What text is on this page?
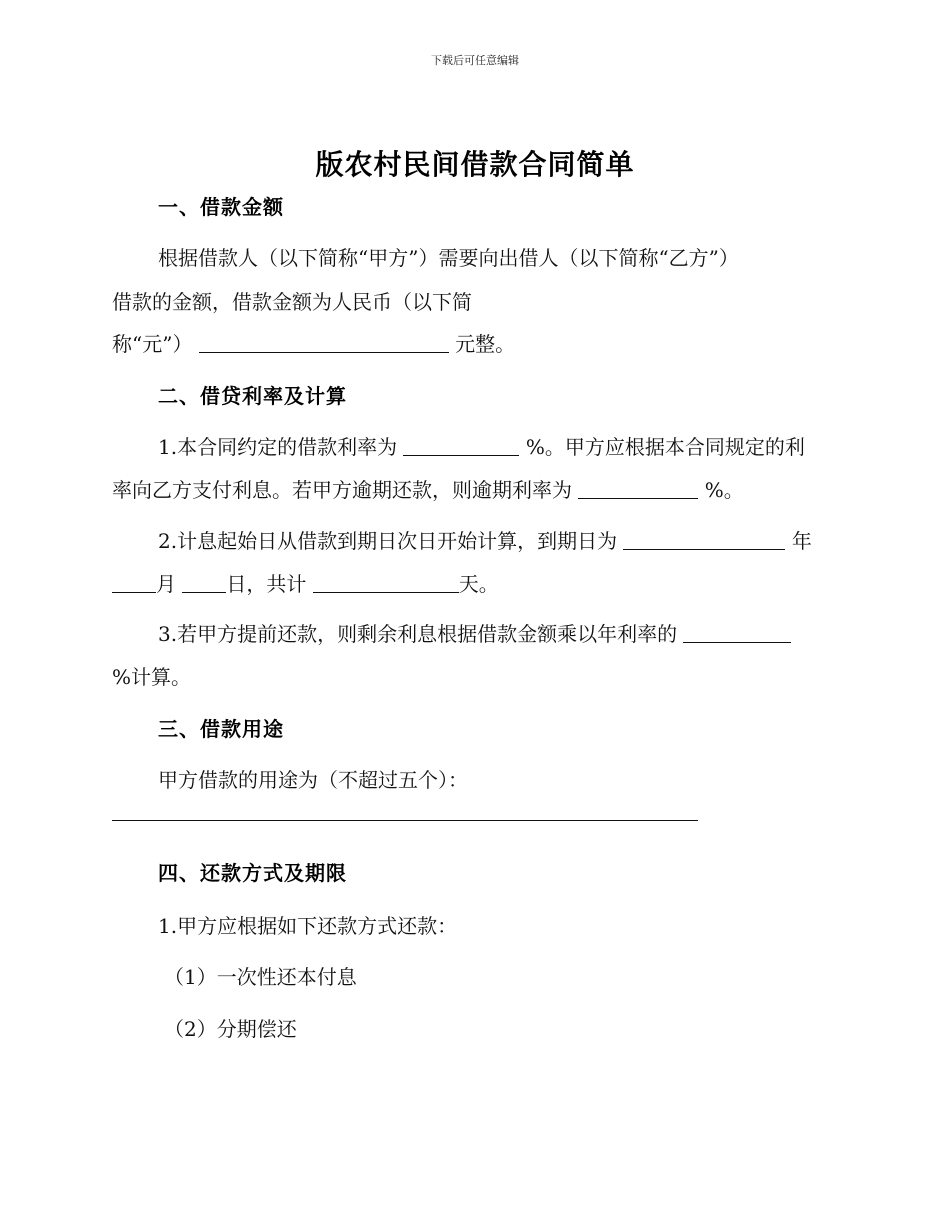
下载后可任意编辑
版农村民间借款合同简单
一、借款金额
根据借款人（以下简称“甲方”）需要向出借人（以下简称“乙方”）
借款的金额，借款金额为人民币（以下简
称“元”）	元整。
二、借贷利率及计算
1.本合同约定的借款利率为	%。甲方应根据本合同规定的利
率向乙方支付利息。若甲方逾期还款，则逾期利率为	%。
2.计息起始日从借款到期日次日开始计算，到期日为	年
月	日，共计	天。
3.若甲方提前还款，则剩余利息根据借款金额乘以年利率的
%计算。
三、借款用途
甲方借款的用途为（不超过五个）：
四、还款方式及期限
1.甲方应根据如下还款方式还款：
（1）一次性还本付息
（2）分期偿还
